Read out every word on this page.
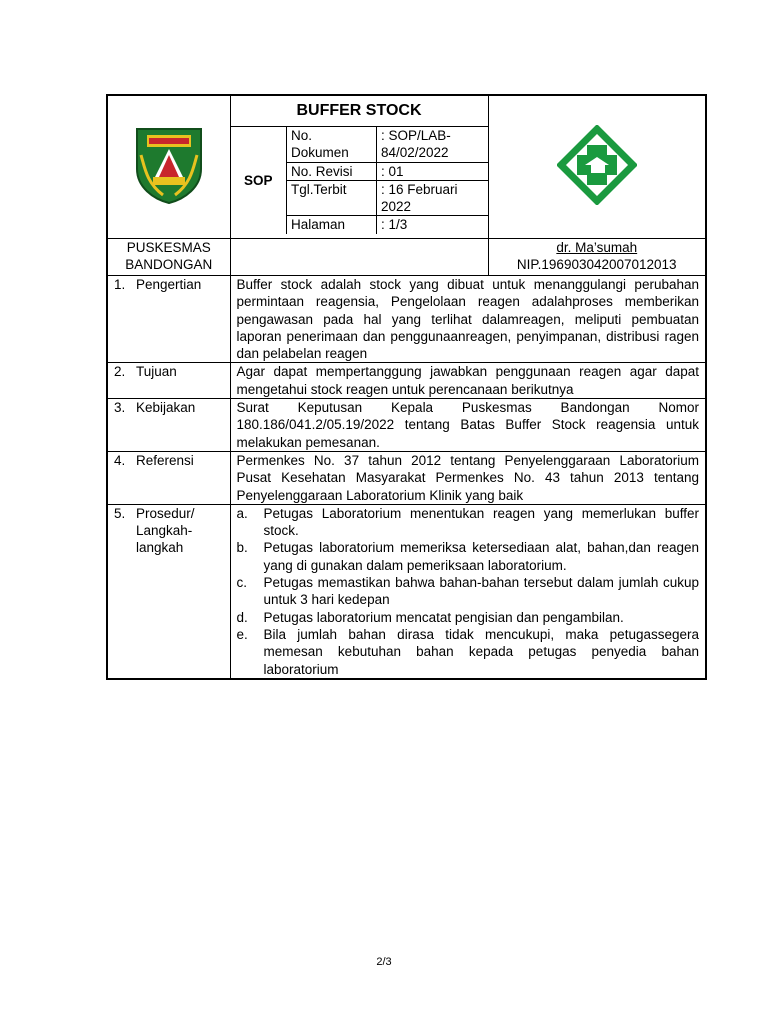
	BUFFER STOCK	

SOP	No. Dokumen	: SOP/LAB-84/02/2022
No. Revisi	: 01
Tgl.Terbit	: 16 Februari 2022
Halaman	: 1/3

PUSKESMAS BANDONGAN		
dr. Ma’sumah
NIP.196903042007012013

1. Pengertian	Buffer stock adalah stock yang dibuat untuk menanggulangi perubahan permintaan reagensia, Pengelolaan reagen adalahproses memberikan pengawasan pada hal yang terlihat dalamreagen, meliputi pembuatan laporan penerimaan dan penggunaanreagen, penyimpanan, distribusi ragen dan pelabelan reagen
2. Tujuan	Agar dapat mempertanggung jawabkan penggunaan reagen agar dapat mengetahui stock reagen untuk perencanaan berikutnya
3. Kebijakan	Surat Keputusan Kepala Puskesmas Bandongan Nomor 180.186/041.2/05.19/2022 tentang Batas Buffer Stock reagensia untuk melakukan pemesanan.
4. Referensi	Permenkes No. 37 tahun 2012 tentang Penyelenggaraan Laboratorium Pusat Kesehatan Masyarakat Permenkes No. 43 tahun 2013 tentang Penyelenggaraan Laboratorium Klinik yang baik

5. Prosedur/ Langkah-langkah

a.	Petugas Laboratorium menentukan reagen yang memerlukan buffer stock.
b.	Petugas laboratorium memeriksa ketersediaan alat, bahan,dan reagen yang di gunakan dalam pemeriksaan laboratorium.
c.	Petugas memastikan bahwa bahan-bahan tersebut dalam jumlah cukup untuk 3 hari kedepan
d.	Petugas laboratorium mencatat pengisian dan pengambilan.
e.	Bila jumlah bahan dirasa tidak mencukupi, maka petugassegera memesan kebutuhan bahan kepada petugas penyedia bahan laboratorium
2/3
